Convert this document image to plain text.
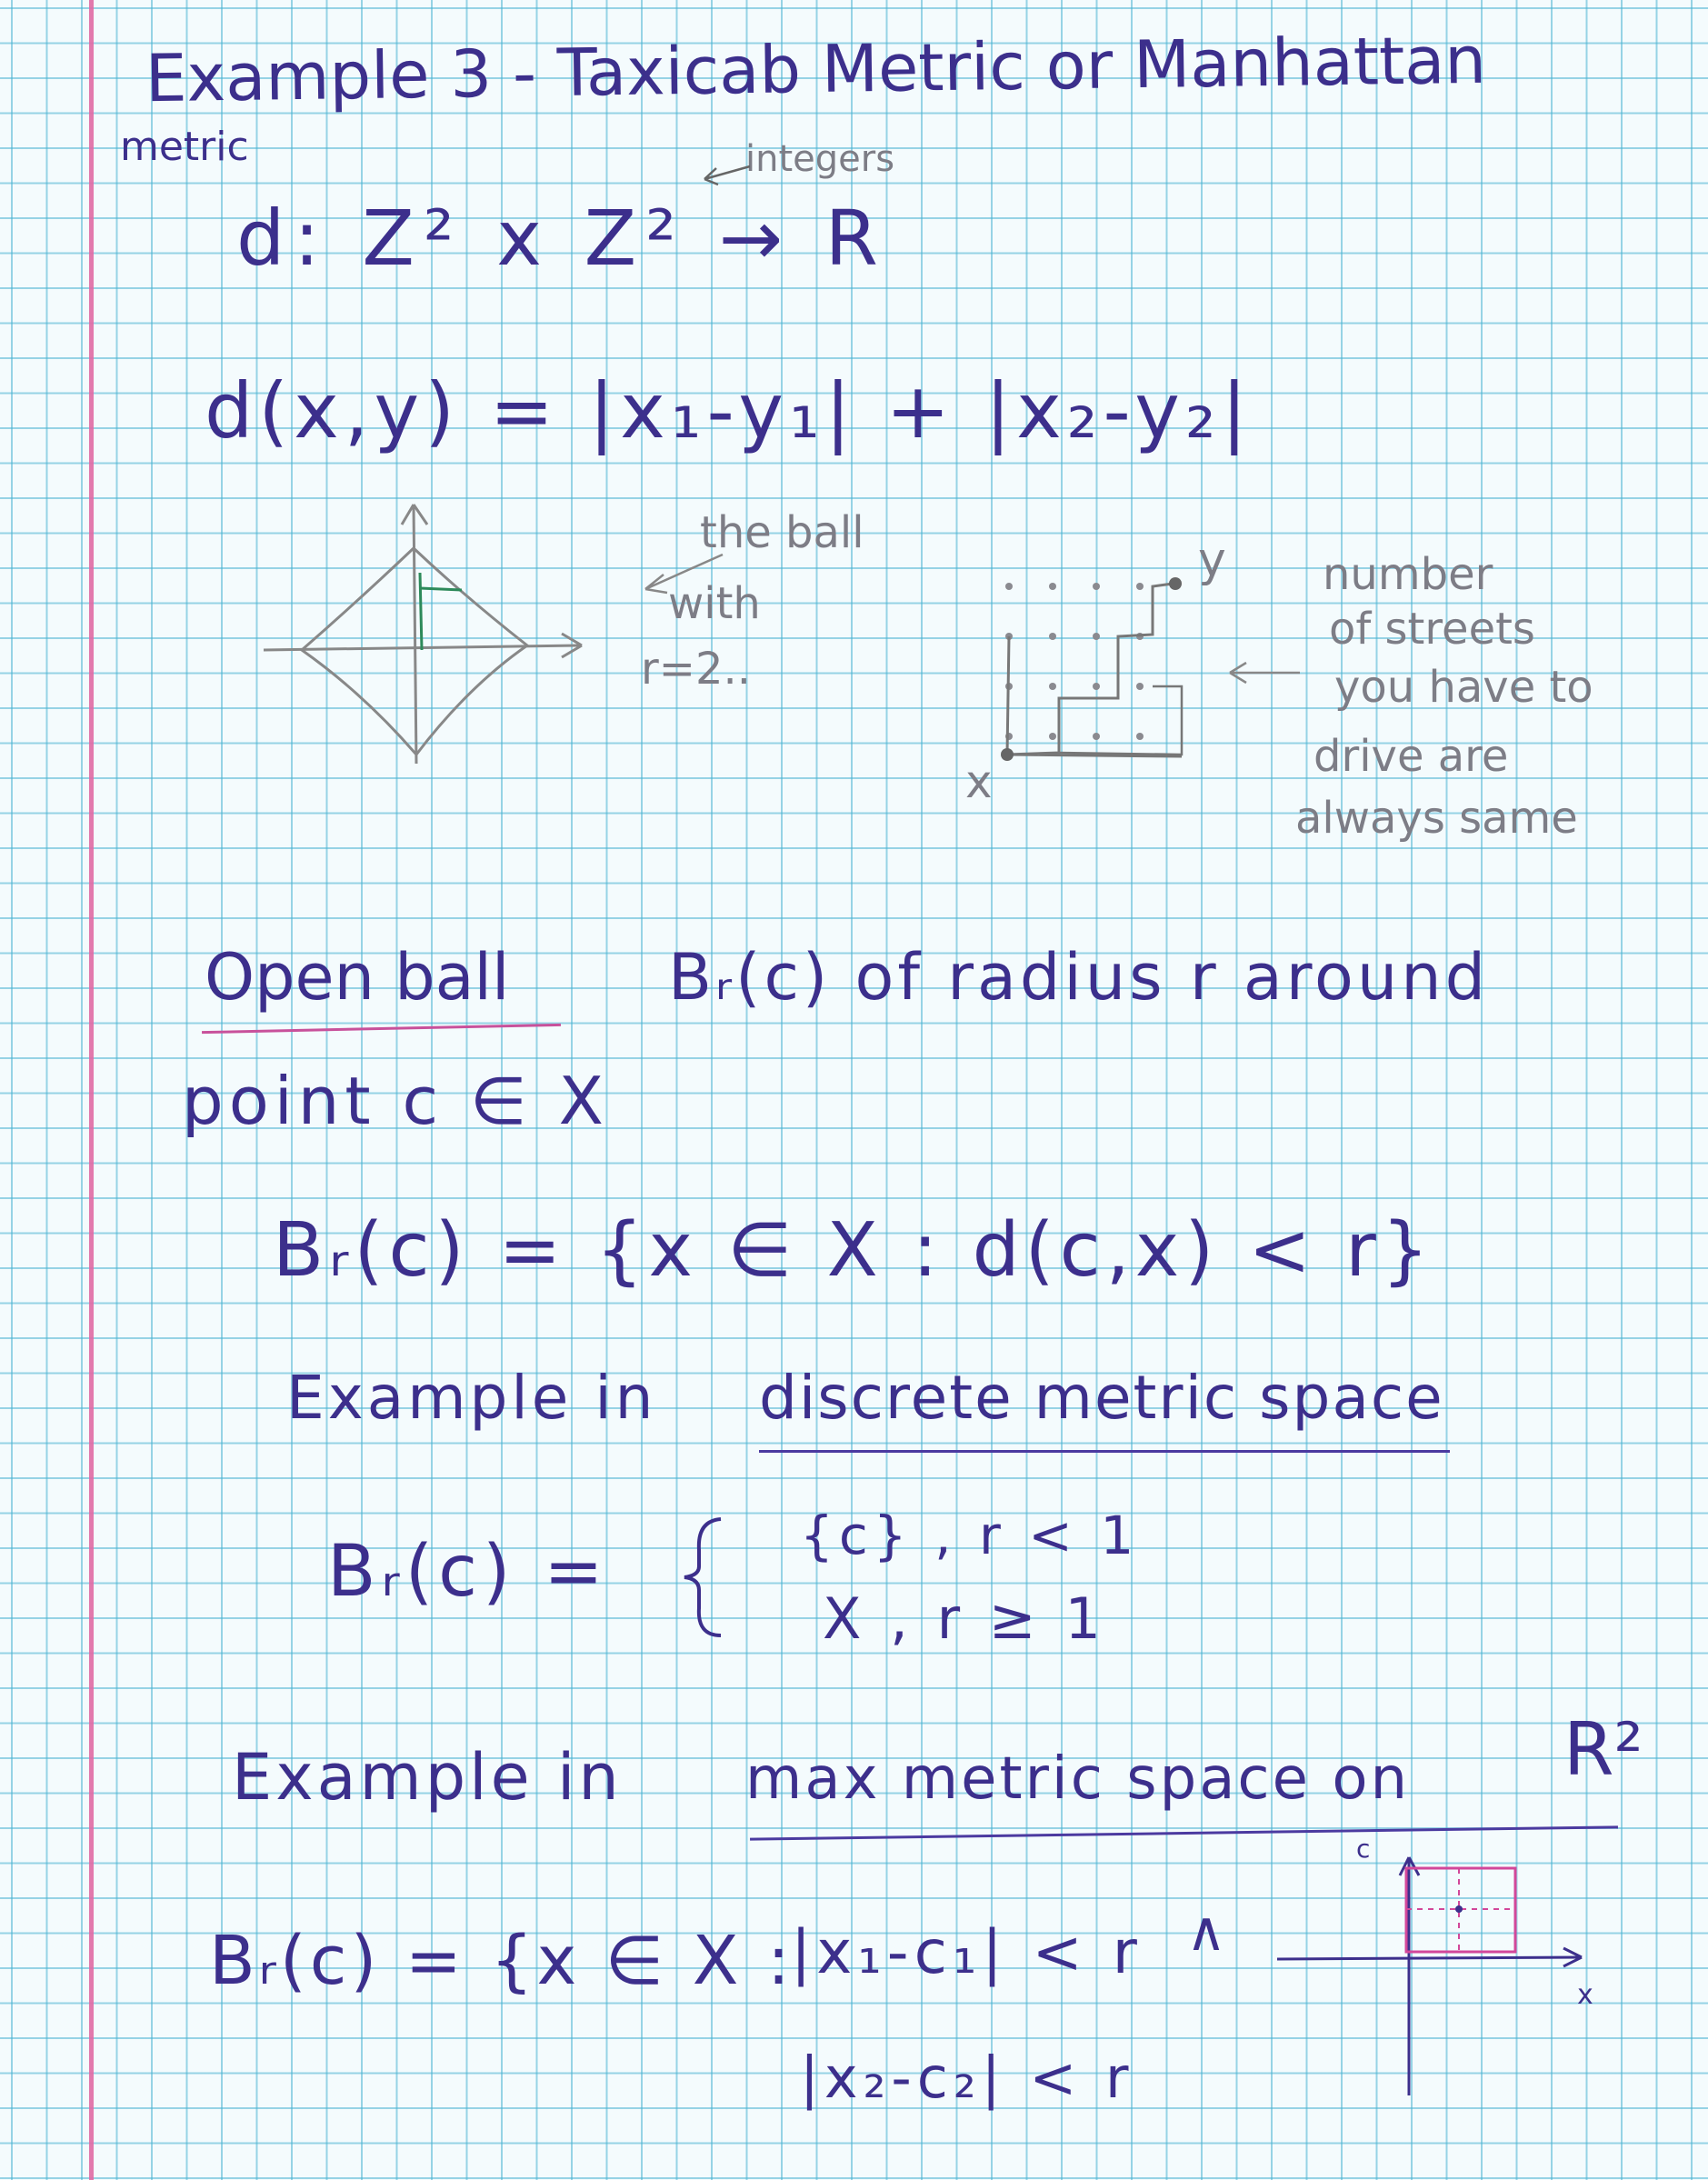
Example 3 - Taxicab Metric or Manhattan
metric	integers
d: Z² x Z² → R
d(x,y) = |x₁-y₁| + |x₂-y₂|
the ball
with
r=2..
x
y number
of streets
you have to
drive are
always same
Open ball Bᵣ(c) of radius r around
point c ∈ X
Bᵣ(c) = {x ∈ X : d(c,x) < r}
Example in discrete metric space
Bᵣ(c) =	{c} , r < 1
X , r ≥ 1
Example in max metric space on R²
Bᵣ(c) = {x ∈ X :
|x₁-c₁| < r ∧
|x₂-c₂| < r
c
x
